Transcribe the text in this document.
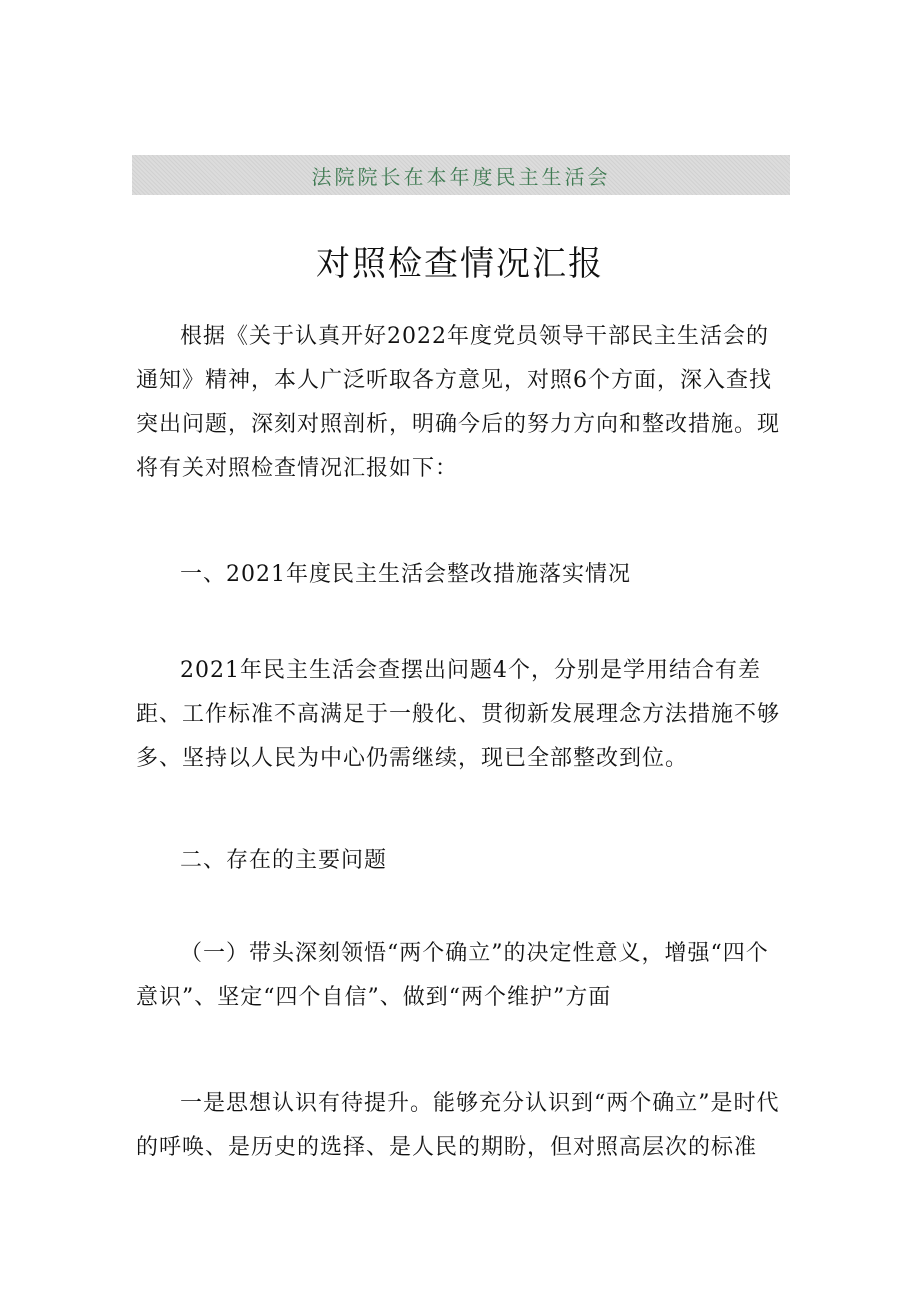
法院院长在本年度民主生活会
对照检查情况汇报
根据《关于认真开好2022年度党员领导干部民主生活会的通知》精神，本人广泛听取各方意见，对照6个方面，深入查找突出问题，深刻对照剖析，明确今后的努力方向和整改措施。现将有关对照检查情况汇报如下：
一、2021年度民主生活会整改措施落实情况
2021年民主生活会查摆出问题4个，分别是学用结合有差距、工作标准不高满足于一般化、贯彻新发展理念方法措施不够多、坚持以人民为中心仍需继续，现已全部整改到位。
二、存在的主要问题
（一）带头深刻领悟“两个确立”的决定性意义，增强“四个意识”、坚定“四个自信”、做到“两个维护”方面
一是思想认识有待提升。能够充分认识到“两个确立”是时代的呼唤、是历史的选择、是人民的期盼，但对照高层次的标准
